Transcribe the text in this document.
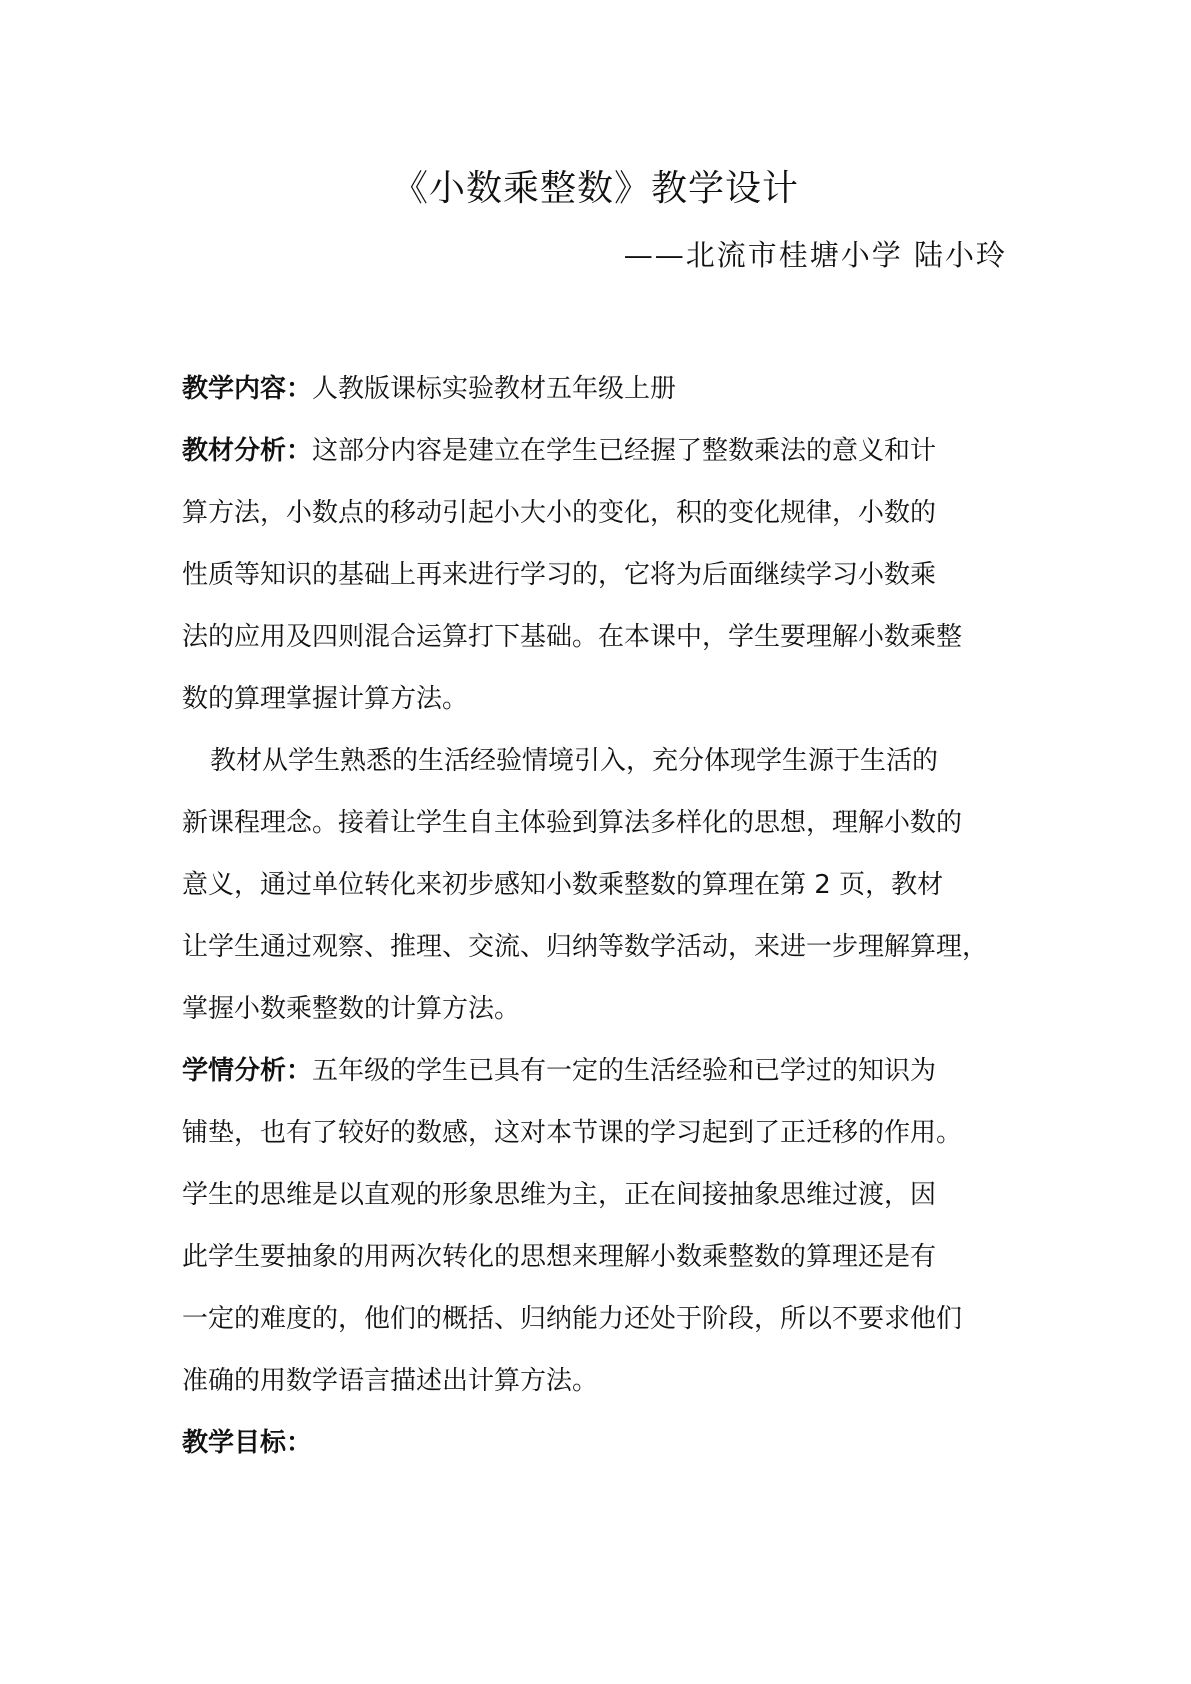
《小数乘整数》教学设计
——北流市桂塘小学 陆小玲

教学内容：人教版课标实验教材五年级上册

教材分析：这部分内容是建立在学生已经握了整数乘法的意义和计
算方法，小数点的移动引起小大小的变化，积的变化规律，小数的
性质等知识的基础上再来进行学习的，它将为后面继续学习小数乘
法的应用及四则混合运算打下基础。在本课中，学生要理解小数乘整
数的算理掌握计算方法。

教材从学生熟悉的生活经验情境引入，充分体现学生源于生活的
新课程理念。接着让学生自主体验到算法多样化的思想，理解小数的
意义，通过单位转化来初步感知小数乘整数的算理在第 2 页，教材
让学生通过观察、推理、交流、归纳等数学活动，来进一步理解算理，
掌握小数乘整数的计算方法。

学情分析：五年级的学生已具有一定的生活经验和已学过的知识为
铺垫，也有了较好的数感，这对本节课的学习起到了正迁移的作用。
学生的思维是以直观的形象思维为主，正在间接抽象思维过渡，因
此学生要抽象的用两次转化的思想来理解小数乘整数的算理还是有
一定的难度的，他们的概括、归纳能力还处于阶段，所以不要求他们
准确的用数学语言描述出计算方法。

教学目标：
